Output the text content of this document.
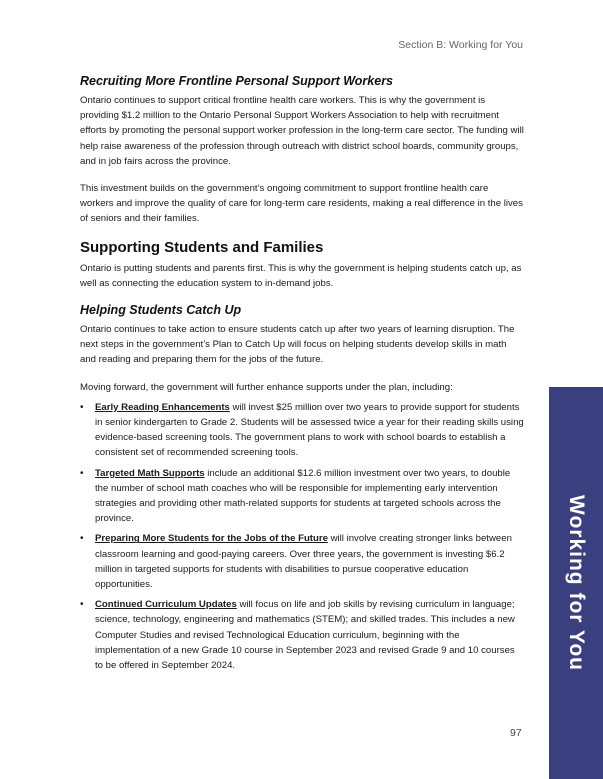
Section B: Working for You
Recruiting More Frontline Personal Support Workers

Ontario continues to support critical frontline health care workers. This is why the government is providing $1.2 million to the Ontario Personal Support Workers Association to help with recruitment efforts by promoting the personal support worker profession in the long-term care sector. The funding will help raise awareness of the profession through outreach with district school boards, community groups, and in job fairs across the province.

This investment builds on the government’s ongoing commitment to support frontline health care workers and improve the quality of care for long-term care residents, making a real difference in the lives of seniors and their families.

Supporting Students and Families

Ontario is putting students and parents first. This is why the government is helping students catch up, as well as connecting the education system to in-demand jobs.

Helping Students Catch Up

Ontario continues to take action to ensure students catch up after two years of learning disruption. The next steps in the government’s Plan to Catch Up will focus on helping students develop skills in math and reading and preparing them for the jobs of the future.

Moving forward, the government will further enhance supports under the plan, including:

• Early Reading Enhancements will invest $25 million over two years to provide support for students in senior kindergarten to Grade 2. Students will be assessed twice a year for their reading skills using evidence-based screening tools. The government plans to work with school boards to establish a consistent set of recommended screening tools.
• Targeted Math Supports include an additional $12.6 million investment over two years, to double the number of school math coaches who will be responsible for implementing early intervention strategies and providing other math-related supports for students at targeted schools across the province.
• Preparing More Students for the Jobs of the Future will involve creating stronger links between classroom learning and good-paying careers. Over three years, the government is investing $6.2 million in targeted supports for students with disabilities to pursue cooperative education opportunities.
• Continued Curriculum Updates will focus on life and job skills by revising curriculum in language; science, technology, engineering and mathematics (STEM); and skilled trades. This includes a new Computer Studies and revised Technological Education curriculum, beginning with the implementation of a new Grade 10 course in September 2023 and revised Grade 9 and 10 courses to be offered in September 2024.	Working for You
97
